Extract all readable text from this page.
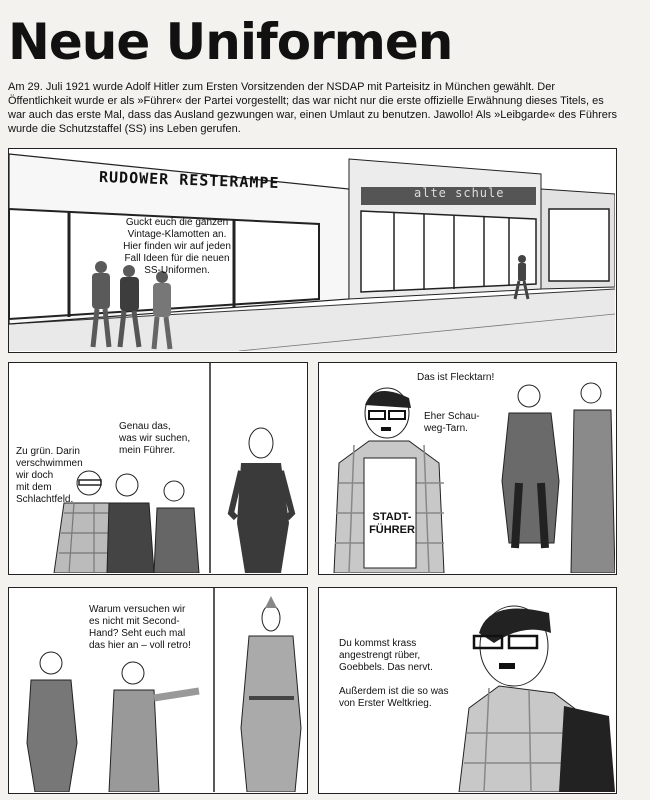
Neue Uniformen

Am 29. Juli 1921 wurde Adolf Hitler zum Ersten Vorsitzenden der NSDAP mit Parteisitz in München gewählt. Der Öffentlichkeit wurde er als »Führer« der Partei vorgestellt; das war nicht nur die erste offizielle Erwähnung dieses Titels, es war auch das erste Mal, dass das Ausland gezwungen war, einen Umlaut zu benutzen. Jawollo! Als »Leibgarde« des Führers wurde die Schutzstaffel (SS) ins Leben gerufen.

RUDOWER RESTERAMPE
alte schule

Guckt euch die ganzen
Vintage-Klamotten an.
Hier finden wir auf jeden
Fall Ideen für die neuen
SS-Uniformen.

Genau das,
was wir suchen,
mein Führer.

Zu grün. Darin
verschwimmen
wir doch
mit dem
Schlachtfeld.

Das ist Flecktarn!

Eher Schau-
weg-Tarn.

STADT-
FÜHRER

Warum versuchen wir
es nicht mit Second-
Hand? Seht euch mal
das hier an – voll retro!	Du kommst krass
angestrengt rüber,
Goebbels. Das nervt.

Außerdem ist die so was
von Erster Weltkrieg.
